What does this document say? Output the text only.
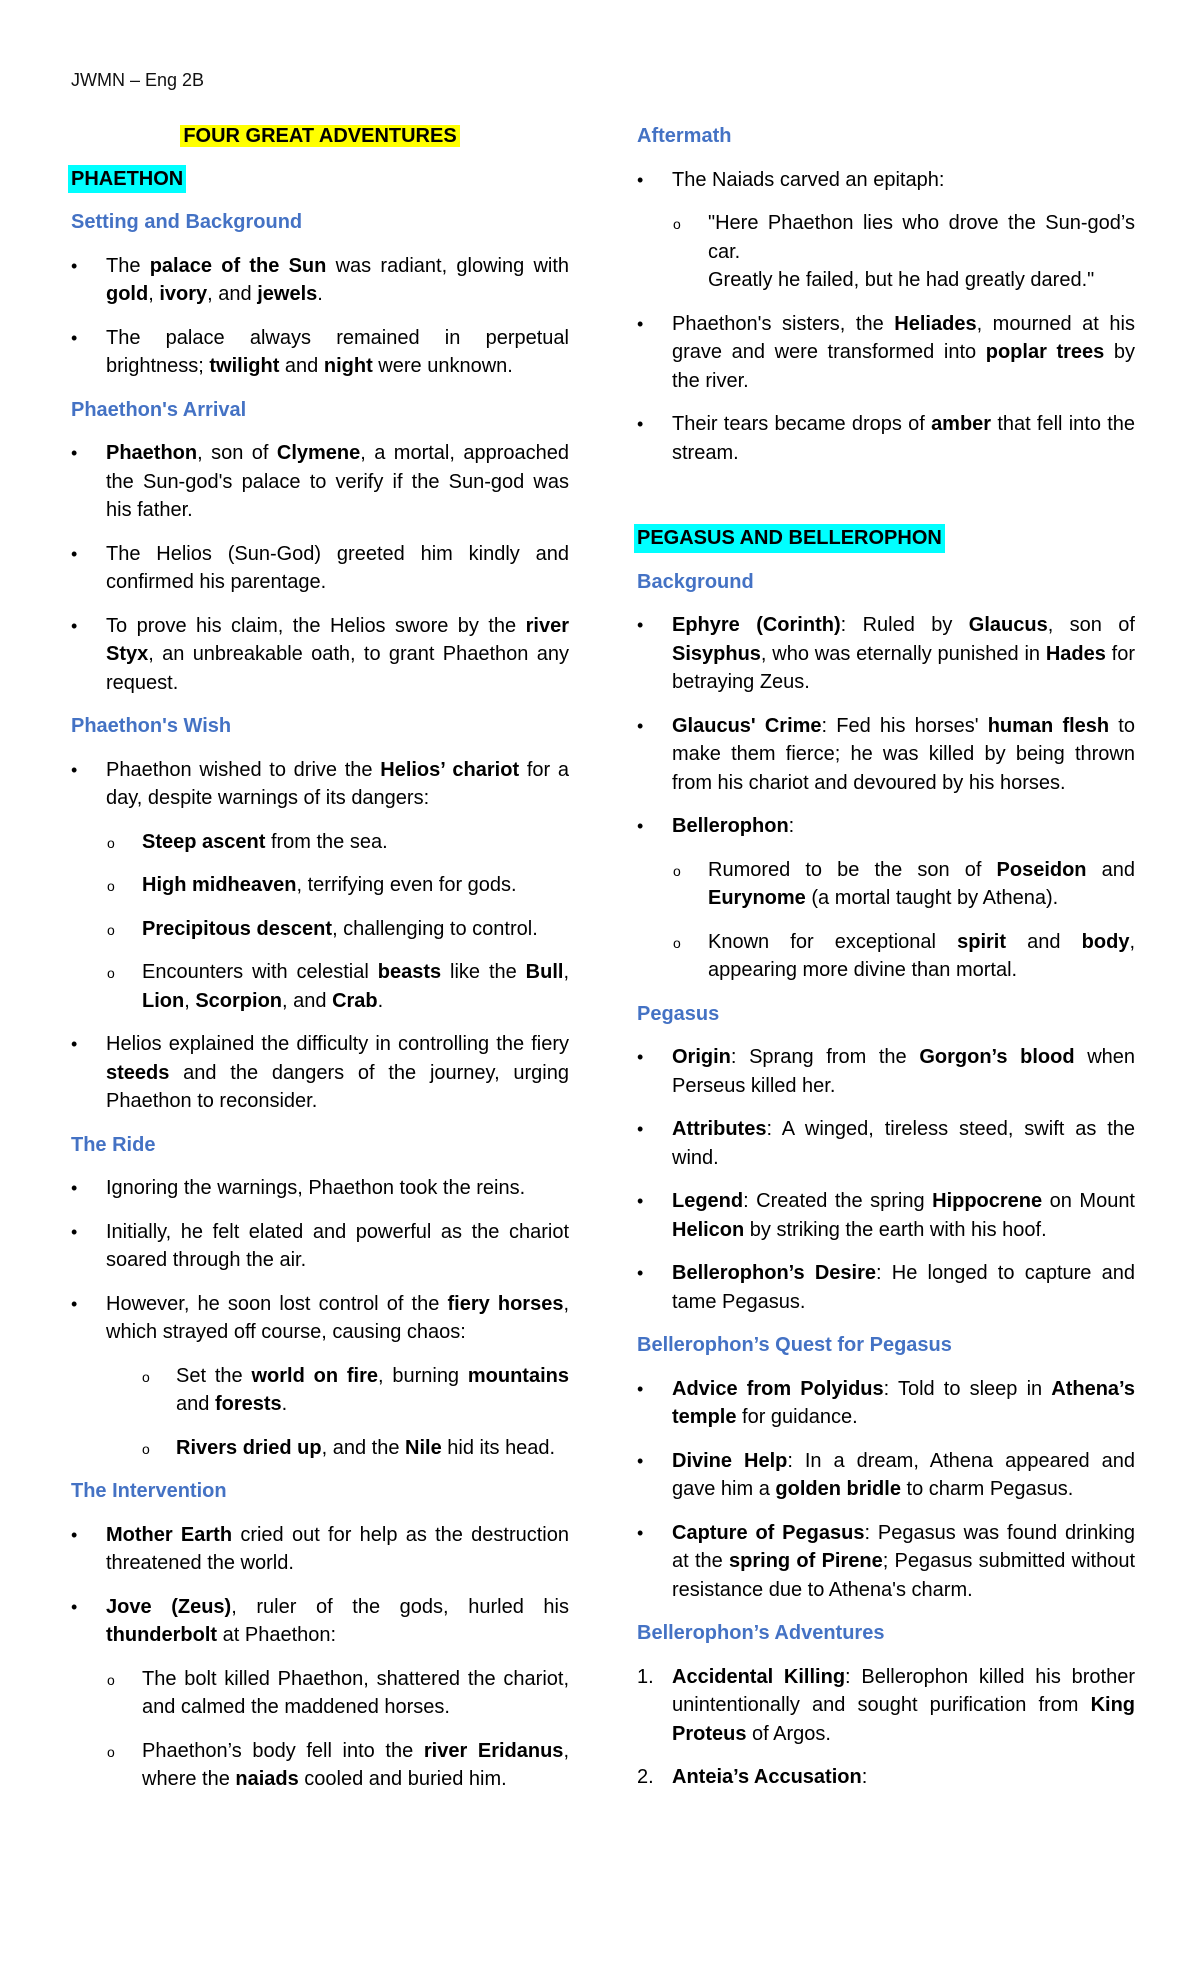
JWMN – Eng 2B
FOUR GREAT ADVENTURES
PHAETHON
Setting and Background
• The palace of the Sun was radiant, glowing with gold, ivory, and jewels.
• The palace always remained in perpetual brightness; twilight and night were unknown.
Phaethon's Arrival
• Phaethon, son of Clymene, a mortal, approached the Sun-god's palace to verify if the Sun-god was his father.
• The Helios (Sun-God) greeted him kindly and confirmed his parentage.
• To prove his claim, the Helios swore by the river Styx, an unbreakable oath, to grant Phaethon any request.
Phaethon's Wish
• Phaethon wished to drive the Helios’ chariot for a day, despite warnings of its dangers:
o Steep ascent from the sea.
o High midheaven, terrifying even for gods.
o Precipitous descent, challenging to control.
o Encounters with celestial beasts like the Bull, Lion, Scorpion, and Crab.
• Helios explained the difficulty in controlling the fiery steeds and the dangers of the journey, urging Phaethon to reconsider.
The Ride
• Ignoring the warnings, Phaethon took the reins.
• Initially, he felt elated and powerful as the chariot soared through the air.
• However, he soon lost control of the fiery horses, which strayed off course, causing chaos:
o Set the world on fire, burning mountains and forests.
o Rivers dried up, and the Nile hid its head.
The Intervention
• Mother Earth cried out for help as the destruction threatened the world.
• Jove (Zeus), ruler of the gods, hurled his thunderbolt at Phaethon:
o The bolt killed Phaethon, shattered the chariot, and calmed the maddened horses.
o Phaethon’s body fell into the river Eridanus, where the naiads cooled and buried him.
Aftermath
• The Naiads carved an epitaph:
o "Here Phaethon lies who drove the Sun-god’s car.
Greatly he failed, but he had greatly dared."
• Phaethon's sisters, the Heliades, mourned at his grave and were transformed into poplar trees by the river.
• Their tears became drops of amber that fell into the stream.
PEGASUS AND BELLEROPHON
Background
• Ephyre (Corinth): Ruled by Glaucus, son of Sisyphus, who was eternally punished in Hades for betraying Zeus.
• Glaucus' Crime: Fed his horses' human flesh to make them fierce; he was killed by being thrown from his chariot and devoured by his horses.
• Bellerophon:
o Rumored to be the son of Poseidon and Eurynome (a mortal taught by Athena).
o Known for exceptional spirit and body, appearing more divine than mortal.
Pegasus
• Origin: Sprang from the Gorgon’s blood when Perseus killed her.
• Attributes: A winged, tireless steed, swift as the wind.
• Legend: Created the spring Hippocrene on Mount Helicon by striking the earth with his hoof.
• Bellerophon’s Desire: He longed to capture and tame Pegasus.
Bellerophon’s Quest for Pegasus
• Advice from Polyidus: Told to sleep in Athena’s temple for guidance.
• Divine Help: In a dream, Athena appeared and gave him a golden bridle to charm Pegasus.
• Capture of Pegasus: Pegasus was found drinking at the spring of Pirene; Pegasus submitted without resistance due to Athena's charm.
Bellerophon’s Adventures
1. Accidental Killing: Bellerophon killed his brother unintentionally and sought purification from King Proteus of Argos.
2. Anteia’s Accusation:
